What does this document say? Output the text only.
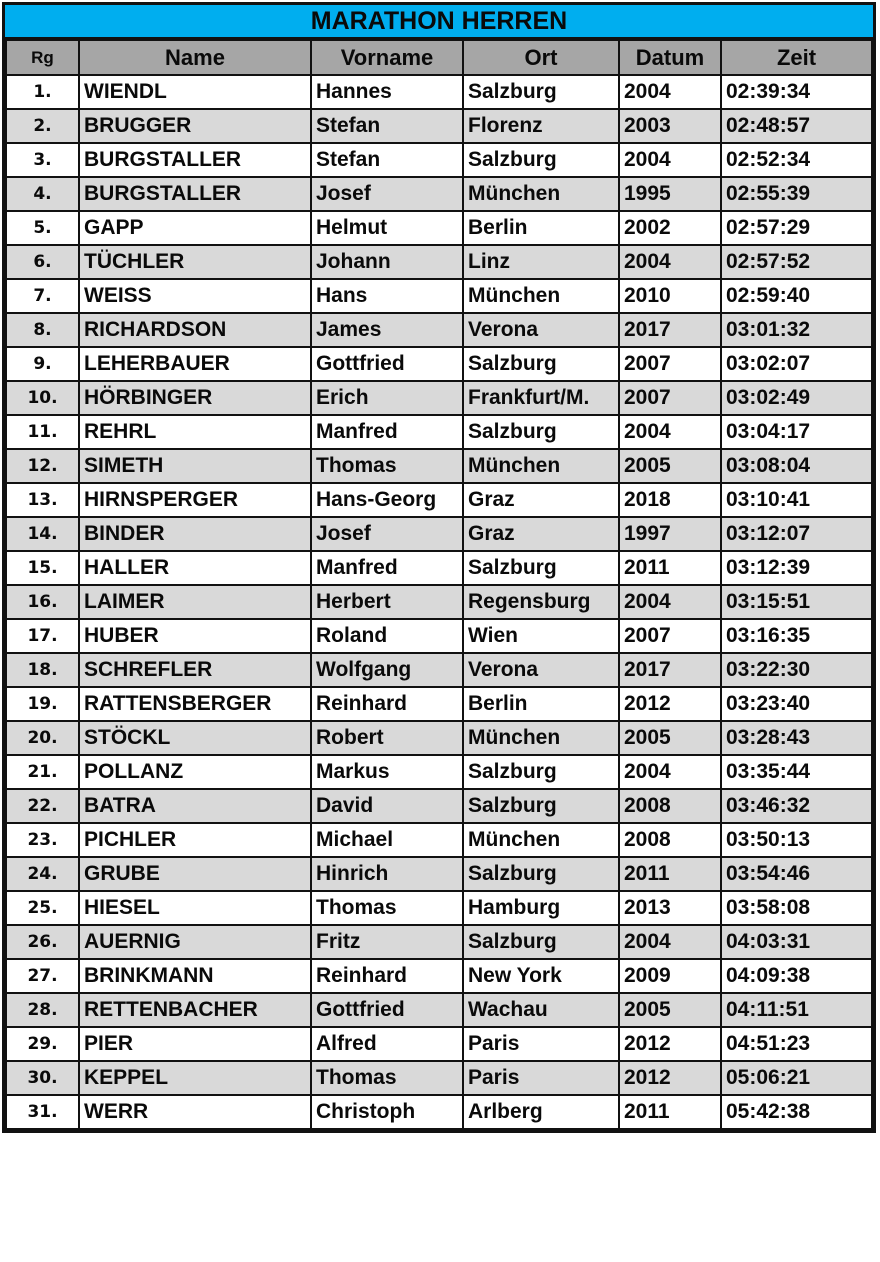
MARATHON HERREN
Rg	Name	Vorname	Ort	Datum	Zeit
1.	WIENDL	Hannes	Salzburg	2004	02:39:34
2.	BRUGGER	Stefan	Florenz	2003	02:48:57
3.	BURGSTALLER	Stefan	Salzburg	2004	02:52:34
4.	BURGSTALLER	Josef	München	1995	02:55:39
5.	GAPP	Helmut	Berlin	2002	02:57:29
6.	TÜCHLER	Johann	Linz	2004	02:57:52
7.	WEISS	Hans	München	2010	02:59:40
8.	RICHARDSON	James	Verona	2017	03:01:32
9.	LEHERBAUER	Gottfried	Salzburg	2007	03:02:07
10.	HÖRBINGER	Erich	Frankfurt/M.	2007	03:02:49
11.	REHRL	Manfred	Salzburg	2004	03:04:17
12.	SIMETH	Thomas	München	2005	03:08:04
13.	HIRNSPERGER	Hans-Georg	Graz	2018	03:10:41
14.	BINDER	Josef	Graz	1997	03:12:07
15.	HALLER	Manfred	Salzburg	2011	03:12:39
16.	LAIMER	Herbert	Regensburg	2004	03:15:51
17.	HUBER	Roland	Wien	2007	03:16:35
18.	SCHREFLER	Wolfgang	Verona	2017	03:22:30
19.	RATTENSBERGER	Reinhard	Berlin	2012	03:23:40
20.	STÖCKL	Robert	München	2005	03:28:43
21.	POLLANZ	Markus	Salzburg	2004	03:35:44
22.	BATRA	David	Salzburg	2008	03:46:32
23.	PICHLER	Michael	München	2008	03:50:13
24.	GRUBE	Hinrich	Salzburg	2011	03:54:46
25.	HIESEL	Thomas	Hamburg	2013	03:58:08
26.	AUERNIG	Fritz	Salzburg	2004	04:03:31
27.	BRINKMANN	Reinhard	New York	2009	04:09:38
28.	RETTENBACHER	Gottfried	Wachau	2005	04:11:51
29.	PIER	Alfred	Paris	2012	04:51:23
30.	KEPPEL	Thomas	Paris	2012	05:06:21
31.	WERR	Christoph	Arlberg	2011	05:42:38
